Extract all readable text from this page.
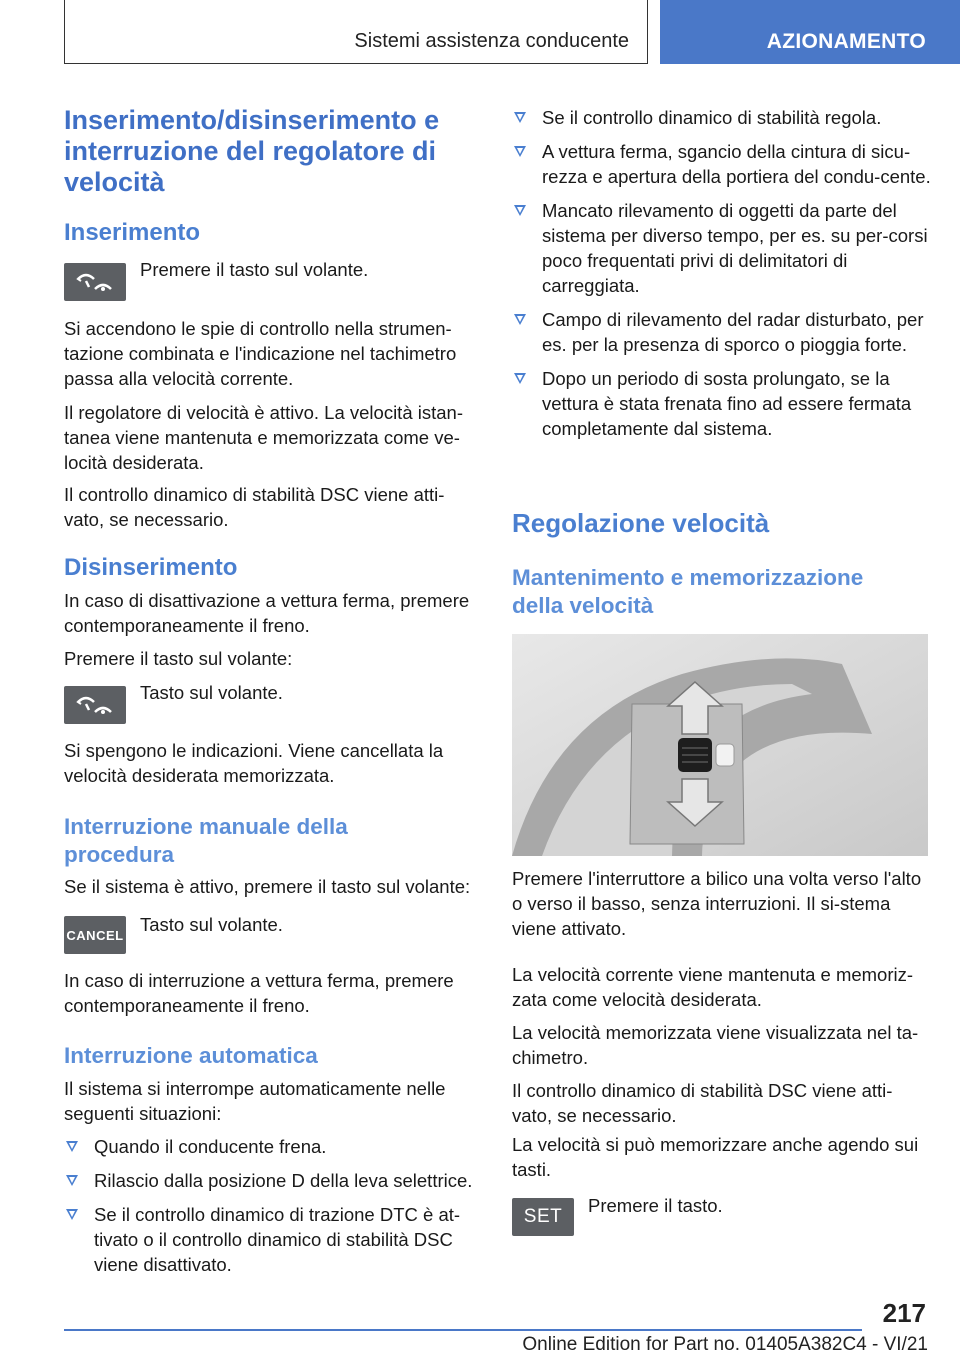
Sistemi assistenza conducente	AZIONAMENTO
Inserimento/disinserimento e interruzione del regolatore di velocità
Inserimento
Premere il tasto sul volante.

Si accendono le spie di controllo nella strumen-tazione combinata e l'indicazione nel tachimetro passa alla velocità corrente.

Il regolatore di velocità è attivo. La velocità istan-tanea viene mantenuta e memorizzata come ve-locità desiderata.

Il controllo dinamico di stabilità DSC viene atti-vato, se necessario.

Disinserimento

In caso di disattivazione a vettura ferma, premere contemporaneamente il freno.

Premere il tasto sul volante:

Tasto sul volante.

Si spengono le indicazioni. Viene cancellata la velocità desiderata memorizzata.

Interruzione manuale della procedura

Se il sistema è attivo, premere il tasto sul volante:

CANCEL Tasto sul volante.

In caso di interruzione a vettura ferma, premere contemporaneamente il freno.

Interruzione automatica

Il sistema si interrompe automaticamente nelle seguenti situazioni:

Quando il conducente frena.
Rilascio dalla posizione D della leva selettrice.
Se il controllo dinamico di trazione DTC è at-tivato o il controllo dinamico di stabilità DSC viene disattivato.
Se il controllo dinamico di stabilità regola.
A vettura ferma, sgancio della cintura di sicu-rezza e apertura della portiera del condu-cente.
Mancato rilevamento di oggetti da parte del sistema per diverso tempo, per es. su per-corsi poco frequentati privi di delimitatori di carreggiata.
Campo di rilevamento del radar disturbato, per es. per la presenza di sporco o pioggia forte.
Dopo un periodo di sosta prolungato, se la vettura è stata frenata fino ad essere fermata completamente dal sistema.
Regolazione velocità
Mantenimento e memorizzazione della velocità

Premere l'interruttore a bilico una volta verso l'alto o verso il basso, senza interruzioni. Il si-stema viene attivato.

La velocità corrente viene mantenuta e memoriz-zata come velocità desiderata.

La velocità memorizzata viene visualizzata nel ta-chimetro.

Il controllo dinamico di stabilità DSC viene atti-vato, se necessario.

La velocità si può memorizzare anche agendo sui tasti.

SET
Premere il tasto.
217
Online Edition for Part no. 01405A382C4 - VI/21
